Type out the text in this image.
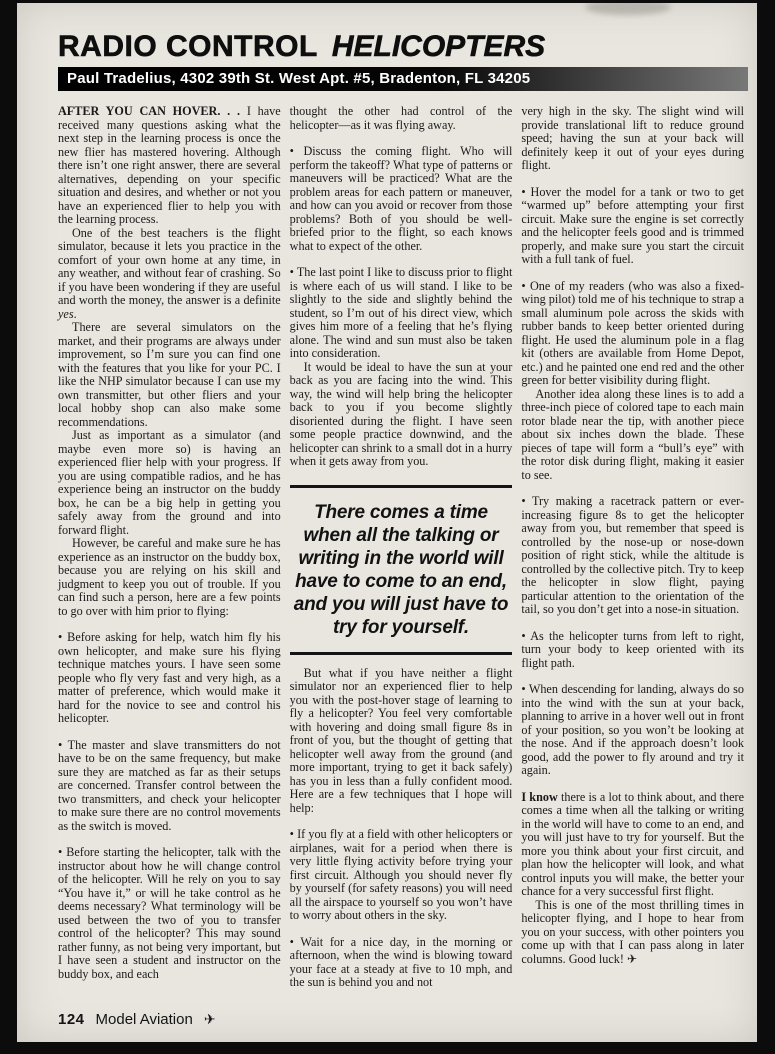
RADIO CONTROL HELICOPTERS
Paul Tradelius, 4302 39th St. West Apt. #5, Bradenton, FL 34205

AFTER YOU CAN HOVER. . . I have received many questions asking what the next step in the learning process is once the new flier has mastered hovering. Although there isn’t one right answer, there are several alternatives, depending on your specific situation and desires, and whether or not you have an experienced flier to help you with the learning process.

One of the best teachers is the flight simulator, because it lets you practice in the comfort of your own home at any time, in any weather, and without fear of crashing. So if you have been wondering if they are useful and worth the money, the answer is a definite yes.

There are several simulators on the market, and their programs are always under improvement, so I’m sure you can find one with the features that you like for your PC. I like the NHP simulator because I can use my own transmitter, but other fliers and your local hobby shop can also make some recommendations.

Just as important as a simulator (and maybe even more so) is having an experienced flier help with your progress. If you are using compatible radios, and he has experience being an instructor on the buddy box, he can be a big help in getting you safely away from the ground and into forward flight.

However, be careful and make sure he has experience as an instructor on the buddy box, because you are relying on his skill and judgment to keep you out of trouble. If you can find such a person, here are a few points to go over with him prior to flying:

• Before asking for help, watch him fly his own helicopter, and make sure his flying technique matches yours. I have seen some people who fly very fast and very high, as a matter of preference, which would make it hard for the novice to see and control his helicopter.

• The master and slave transmitters do not have to be on the same frequency, but make sure they are matched as far as their setups are concerned. Transfer control between the two transmitters, and check your helicopter to make sure there are no control movements as the switch is moved.

• Before starting the helicopter, talk with the instructor about how he will change control of the helicopter. Will he rely on you to say “You have it,” or will he take control as he deems necessary? What terminology will be used between the two of you to transfer control of the helicopter? This may sound rather funny, as not being very important, but I have seen a student and instructor on the buddy box, and each

thought the other had control of the helicopter—as it was flying away.

• Discuss the coming flight. Who will perform the takeoff? What type of patterns or maneuvers will be practiced? What are the problem areas for each pattern or maneuver, and how can you avoid or recover from those problems? Both of you should be well-briefed prior to the flight, so each knows what to expect of the other.

• The last point I like to discuss prior to flight is where each of us will stand. I like to be slightly to the side and slightly behind the student, so I’m out of his direct view, which gives him more of a feeling that he’s flying alone. The wind and sun must also be taken into consideration.

It would be ideal to have the sun at your back as you are facing into the wind. This way, the wind will help bring the helicopter back to you if you become slightly disoriented during the flight. I have seen some people practice downwind, and the helicopter can shrink to a small dot in a hurry when it gets away from you.

There comes a time when all the talking or writing in the world will have to come to an end, and you will just have to try for yourself.

But what if you have neither a flight simulator nor an experienced flier to help you with the post-hover stage of learning to fly a helicopter? You feel very comfortable with hovering and doing small figure 8s in front of you, but the thought of getting that helicopter well away from the ground (and more important, trying to get it back safely) has you in less than a fully confident mood. Here are a few techniques that I hope will help:

• If you fly at a field with other helicopters or airplanes, wait for a period when there is very little flying activity before trying your first circuit. Although you should never fly by yourself (for safety reasons) you will need all the airspace to yourself so you won’t have to worry about others in the sky.

• Wait for a nice day, in the morning or afternoon, when the wind is blowing toward your face at a steady at five to 10 mph, and the sun is behind you and not

very high in the sky. The slight wind will provide translational lift to reduce ground speed; having the sun at your back will definitely keep it out of your eyes during flight.

• Hover the model for a tank or two to get “warmed up” before attempting your first circuit. Make sure the engine is set correctly and the helicopter feels good and is trimmed properly, and make sure you start the circuit with a full tank of fuel.

• One of my readers (who was also a fixed-wing pilot) told me of his technique to strap a small aluminum pole across the skids with rubber bands to keep better oriented during flight. He used the aluminum pole in a flag kit (others are available from Home Depot, etc.) and he painted one end red and the other green for better visibility during flight.

Another idea along these lines is to add a three-inch piece of colored tape to each main rotor blade near the tip, with another piece about six inches down the blade. These pieces of tape will form a “bull’s eye” with the rotor disk during flight, making it easier to see.

• Try making a racetrack pattern or ever-increasing figure 8s to get the helicopter away from you, but remember that speed is controlled by the nose-up or nose-down position of right stick, while the altitude is controlled by the collective pitch. Try to keep the helicopter in slow flight, paying particular attention to the orientation of the tail, so you don’t get into a nose-in situation.

• As the helicopter turns from left to right, turn your body to keep oriented with its flight path.

• When descending for landing, always do so into the wind with the sun at your back, planning to arrive in a hover well out in front of your position, so you won’t be looking at the nose. And if the approach doesn’t look good, add the power to fly around and try it again.

I know there is a lot to think about, and there comes a time when all the talking or writing in the world will have to come to an end, and you will just have to try for yourself. But the more you think about your first circuit, and plan how the helicopter will look, and what control inputs you will make, the better your chance for a very successful first flight.

This is one of the most thrilling times in helicopter flying, and I hope to hear from you on your success, with other pointers you come up with that I can pass along in later columns. Good luck! ✈

124 Model Aviation ✈
